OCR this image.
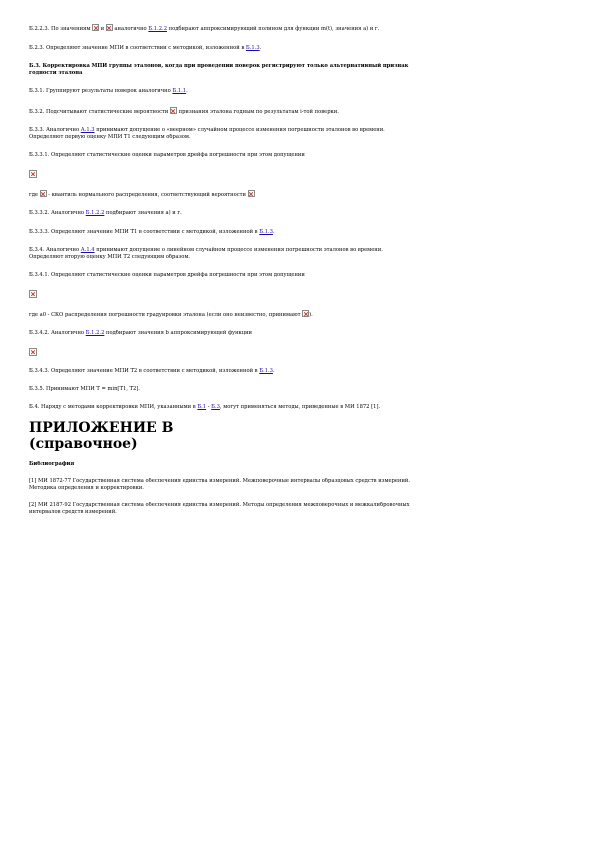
Б.2.2.3. По значениям  и  аналогично Б.1.2.2 подбирают аппроксимирующий полином для функции m(t), значения a) и г.

Б.2.3. Определяют значение МПИ в соответствии с методикой, изложенной в Б.1.3.

Б.3. Корректировка МПИ группы эталонов, когда при проведении поверок регистрируют только альтернативный признак

годности эталона

Б.3.1. Группируют результаты поверок аналогично Б.1.1.

Б.3.2. Подсчитывают статистические вероятности  признания эталона годным по результатам i-той поверки.

Б.3.3. Аналогично А.1.3 принимают допущение о «веерном» случайном процессе изменения погрешности эталонов во времени.

Определяют первую оценку МПИ Т1 следующим образом.

Б.3.3.1. Определяют статистические оценки параметров дрейфа погрешности при этом допущении

где  - квантиль нормального распределения, соответствующий вероятности

Б.3.3.2. Аналогично Б.1.2.2 подбирают значения a) и г.

Б.3.3.3. Определяют значение МПИ Т1 в соответствии с методикой, изложенной в Б.1.3.

Б.3.4. Аналогично А.1.4 принимают допущение о линейном случайном процессе изменения погрешности эталонов во времени.

Определяют вторую оценку МПИ Т2 следующим образом.

Б.3.4.1. Определяют статистические оценки параметров дрейфа погрешности при этом допущении

где a0 - СКО распределения погрешности градуировки эталона (если оно неизвестно, принимают ).

Б.3.4.2. Аналогично Б.1.2.2 подбирают значения b аппроксимирующей функции

Б.3.4.3. Определяют значение МПИ Т2 в соответствии с методикой, изложенной в Б.1.3.

Б.3.5. Принимают МПИ Т = min[T1, T2].

Б.4. Наряду с методами корректировки МПИ, указанными в Б.1 - Б.3, могут применяться методы, приведенные в МИ 1872 [1].

ПРИЛОЖЕНИЕ В

(справочное)

Библиография

[1] МИ 1872-77 Государственная система обеспечения единства измерений. Межповерочные интервалы образцовых средств измерений.

Методика определения и корректировки.

[2] МИ 2187-92 Государственная система обеспечения единства измерений. Методы определения межповерочных и межкалибровочных

интервалов средств измерений.
